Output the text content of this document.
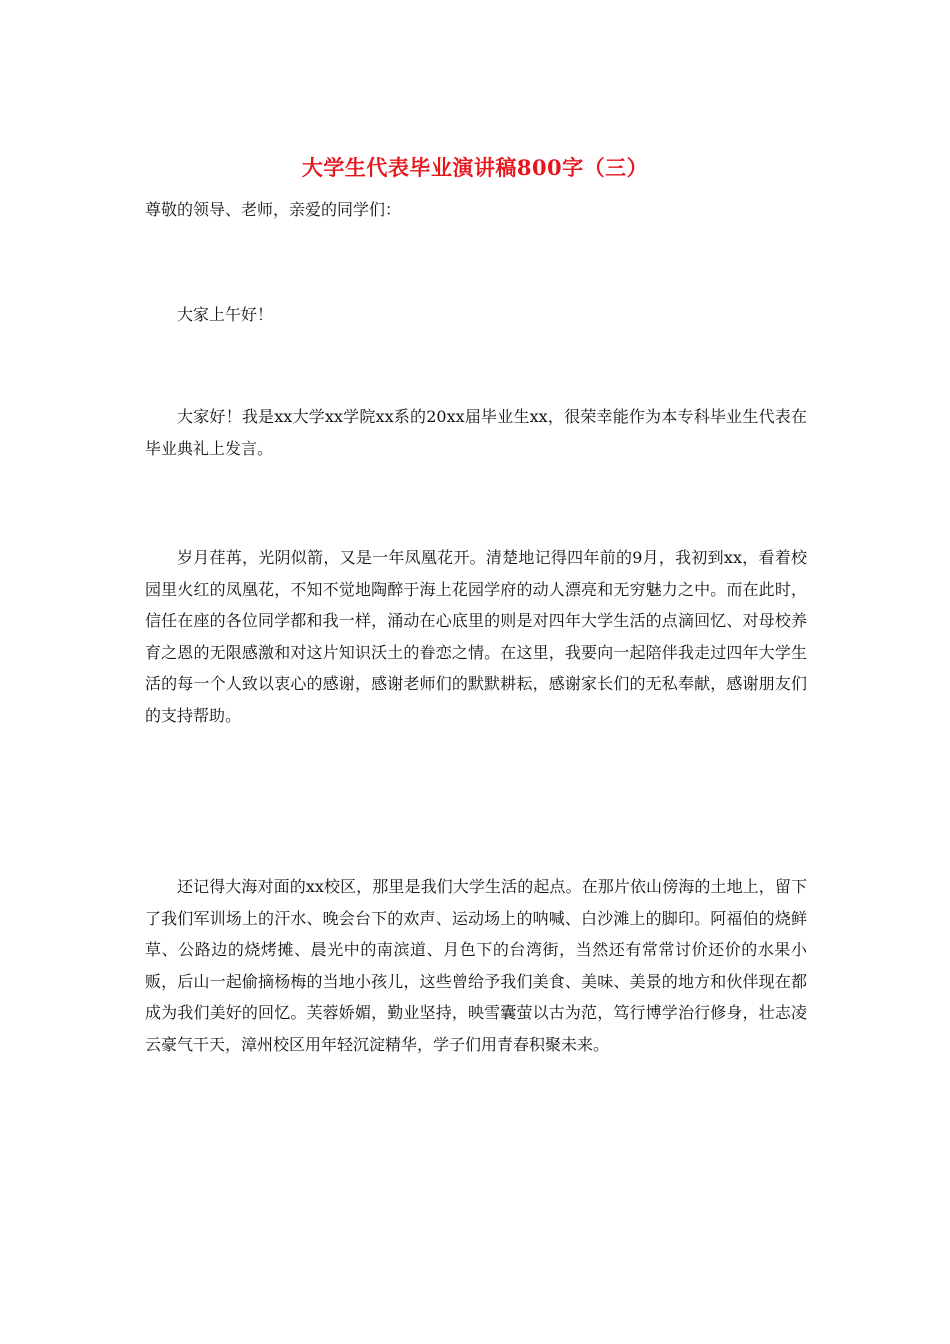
大学生代表毕业演讲稿800字（三）
尊敬的领导、老师，亲爱的同学们：

大家上午好！

大家好！我是xx大学xx学院xx系的20xx届毕业生xx，很荣幸能作为本专科毕业生代表在毕业典礼上发言。

岁月荏苒，光阴似箭，又是一年凤凰花开。清楚地记得四年前的9月，我初到xx，看着校园里火红的凤凰花，不知不觉地陶醉于海上花园学府的动人漂亮和无穷魅力之中。而在此时，信任在座的各位同学都和我一样，涌动在心底里的则是对四年大学生活的点滴回忆、对母校养育之恩的无限感激和对这片知识沃土的眷恋之情。在这里，我要向一起陪伴我走过四年大学生活的每一个人致以衷心的感谢，感谢老师们的默默耕耘，感谢家长们的无私奉献，感谢朋友们的支持帮助。

还记得大海对面的xx校区，那里是我们大学生活的起点。在那片依山傍海的土地上，留下了我们军训场上的汗水、晚会台下的欢声、运动场上的呐喊、白沙滩上的脚印。阿福伯的烧鲜草、公路边的烧烤摊、晨光中的南滨道、月色下的台湾街，当然还有常常讨价还价的水果小贩，后山一起偷摘杨梅的当地小孩儿，这些曾给予我们美食、美味、美景的地方和伙伴现在都成为我们美好的回忆。芙蓉娇媚，勤业坚持，映雪囊萤以古为范，笃行博学治行修身，壮志凌云豪气干天，漳州校区用年轻沉淀精华，学子们用青春积聚未来。
